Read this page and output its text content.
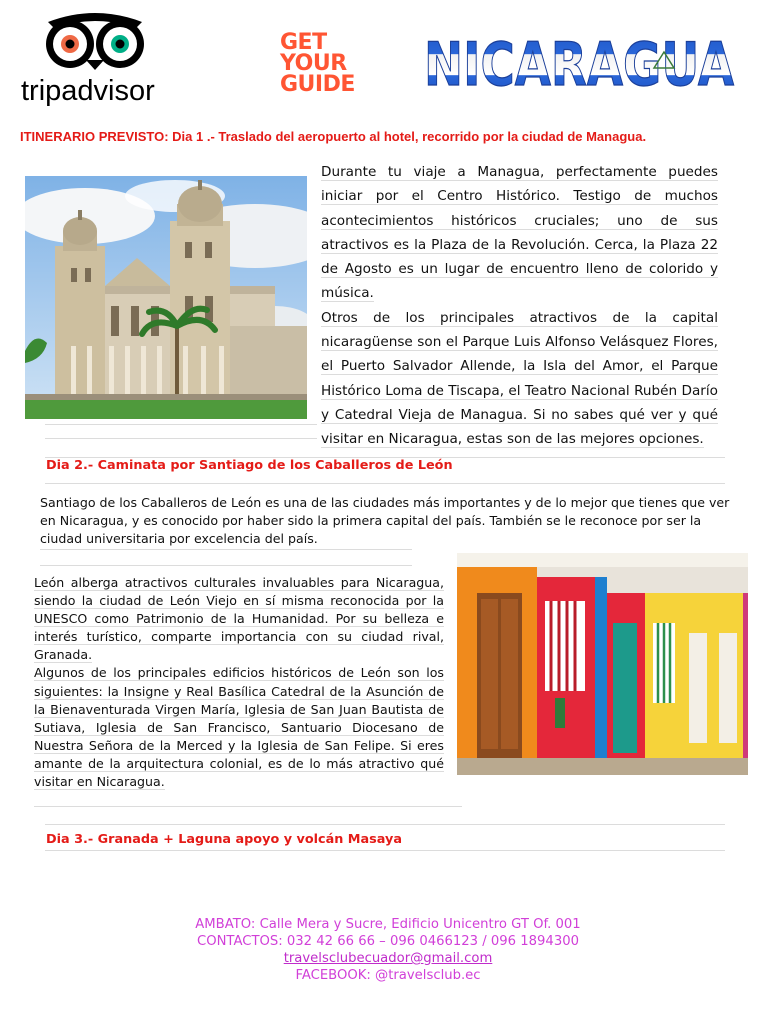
tripadvisor
GET
YOUR
GUIDE	NICARAGUA
ITINERARIO PREVISTO: Dia 1 .- Traslado del aeropuerto al hotel, recorrido por la ciudad de Managua.
Durante tu viaje a Managua, perfectamente puedes iniciar por el Centro Histórico. Testigo de muchos acontecimientos históricos cruciales; uno de sus atractivos es la Plaza de la Revolución. Cerca, la Plaza 22 de Agosto es un lugar de encuentro lleno de colorido y música.
Otros de los principales atractivos de la capital nicaragüense son el Parque Luis Alfonso Velásquez Flores, el Puerto Salvador Allende, la Isla del Amor, el Parque Histórico Loma de Tiscapa, el Teatro Nacional Rubén Darío y Catedral Vieja de Managua. Si no sabes qué ver y qué visitar en Nicaragua, estas son de las mejores opciones.
Dia 2.- Caminata por Santiago de los Caballeros de León
Santiago de los Caballeros de León es una de las ciudades más importantes y de lo mejor que tienes que ver en Nicaragua, y es conocido por haber sido la primera capital del país. También se le reconoce por ser la ciudad universitaria por excelencia del país.
León alberga atractivos culturales invaluables para Nicaragua, siendo la ciudad de León Viejo en sí misma reconocida por la UNESCO como Patrimonio de la Humanidad. Por su belleza e interés turístico, comparte importancia con su ciudad rival, Granada.
Algunos de los principales edificios históricos de León son los siguientes: la Insigne y Real Basílica Catedral de la Asunción de la Bienaventurada Virgen María, Iglesia de San Juan Bautista de Sutiava, Iglesia de San Francisco, Santuario Diocesano de Nuestra Señora de la Merced y la Iglesia de San Felipe. Si eres amante de la arquitectura colonial, es de lo más atractivo qué visitar en Nicaragua.
Dia 3.- Granada + Laguna apoyo y volcán Masaya
AMBATO: Calle Mera y Sucre, Edificio Unicentro GT Of. 001
CONTACTOS: 032 42 66 66 – 096 0466123 / 096 1894300
travelsclubecuador@gmail.com
FACEBOOK: @travelsclub.ec
